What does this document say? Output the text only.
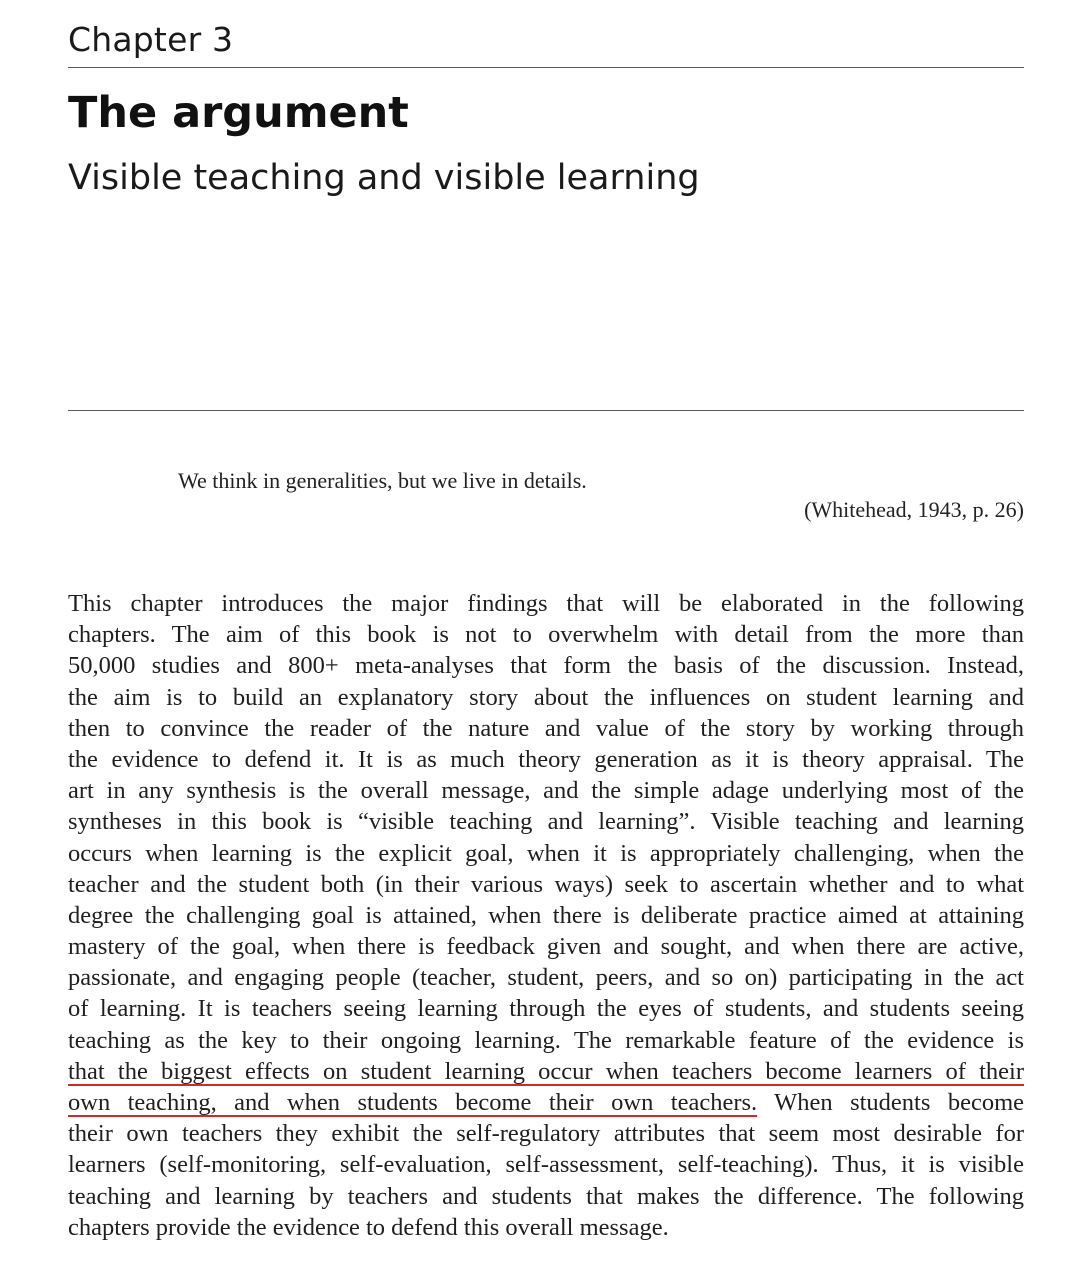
Chapter 3
The argument
Visible teaching and visible learning
We think in generalities, but we live in details.
(Whitehead, 1943, p. 26)
This chapter introduces the major findings that will be elaborated in the following
chapters. The aim of this book is not to overwhelm with detail from the more than
50,000 studies and 800+ meta-analyses that form the basis of the discussion. Instead,
the aim is to build an explanatory story about the influences on student learning and
then to convince the reader of the nature and value of the story by working through
the evidence to defend it. It is as much theory generation as it is theory appraisal. The
art in any synthesis is the overall message, and the simple adage underlying most of the
syntheses in this book is “visible teaching and learning”. Visible teaching and learning
occurs when learning is the explicit goal, when it is appropriately challenging, when the
teacher and the student both (in their various ways) seek to ascertain whether and to what
degree the challenging goal is attained, when there is deliberate practice aimed at attaining
mastery of the goal, when there is feedback given and sought, and when there are active,
passionate, and engaging people (teacher, student, peers, and so on) participating in the act
of learning. It is teachers seeing learning through the eyes of students, and students seeing
teaching as the key to their ongoing learning. The remarkable feature of the evidence is
that the biggest effects on student learning occur when teachers become learners of their
own teaching, and when students become their own teachers. When students become
their own teachers they exhibit the self-regulatory attributes that seem most desirable for
learners (self-monitoring, self-evaluation, self-assessment, self-teaching). Thus, it is visible
teaching and learning by teachers and students that makes the difference. The following
chapters provide the evidence to defend this overall message.
